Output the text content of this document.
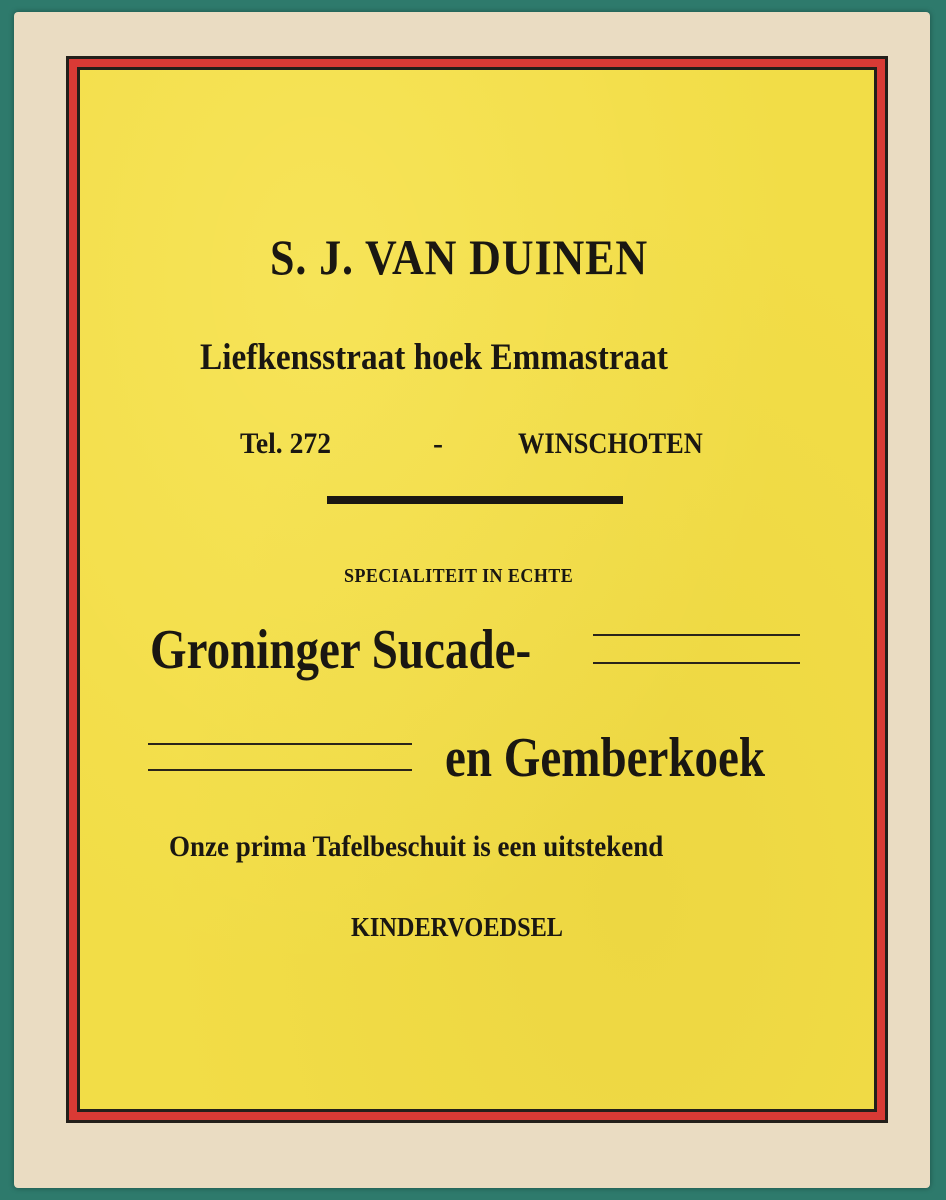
S. J. VAN DUINEN
Liefkensstraat hoek Emmastraat
Tel. 272	-	WINSCHOTEN
SPECIALITEIT IN ECHTE
Groninger Sucade-
en Gemberkoek
Onze prima Tafelbeschuit is een uitstekend
KINDERVOEDSEL
